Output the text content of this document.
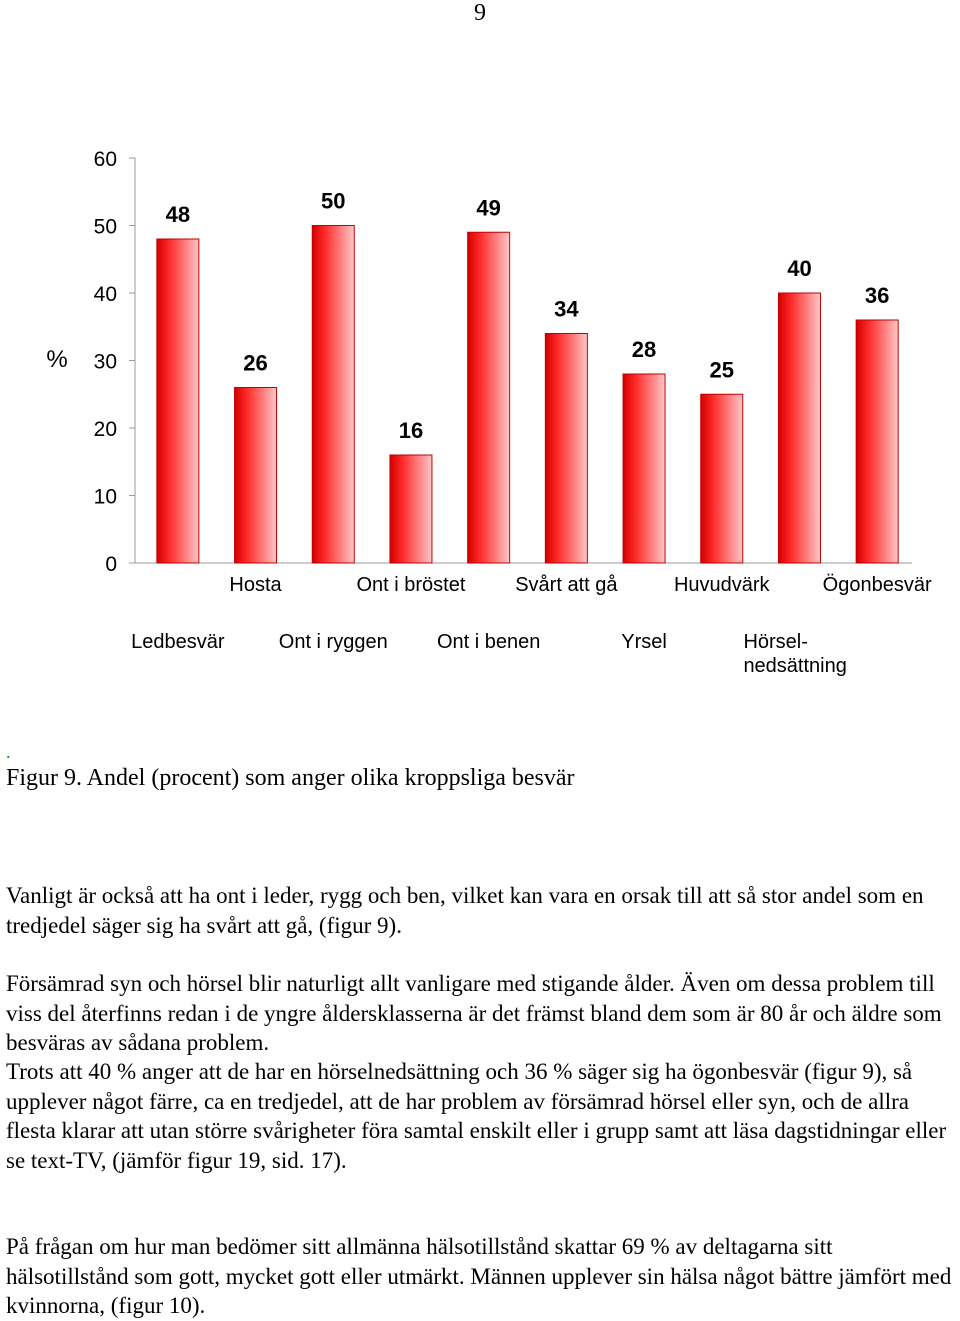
9
0
10
20
30
40
50
60
%
48
Ledbesvär
26
Hosta
50
Ont i ryggen
16
Ont i bröstet
49
Ont i benen
34
Svårt att gå
28
Yrsel
25
Huvudvärk
40
Hörsel-nedsättning
36
Ögonbesvär
.
Figur 9. Andel (procent) som anger olika kroppsliga besvär

Vanligt är också att ha ont i leder, rygg och ben, vilket kan vara en orsak till att så stor andel som en tredjedel säger sig ha svårt att gå, (figur 9).

Försämrad syn och hörsel blir naturligt allt vanligare med stigande ålder. Även om dessa problem till viss del återfinns redan i de yngre åldersklasserna är det främst bland dem som är 80 år och äldre som besväras av sådana problem.

Trots att 40 % anger att de har en hörselnedsättning och 36 % säger sig ha ögonbesvär (figur 9), så upplever något färre, ca en tredjedel, att de har problem av försämrad hörsel eller syn, och de allra flesta klarar att utan större svårigheter föra samtal enskilt eller i grupp samt att läsa dagstidningar eller se text-TV, (jämför figur 19, sid. 17).

På frågan om hur man bedömer sitt allmänna hälsotillstånd skattar 69 % av deltagarna sitt hälsotillstånd som gott, mycket gott eller utmärkt. Männen upplever sin hälsa något bättre jämfört med kvinnorna, (figur 10).
